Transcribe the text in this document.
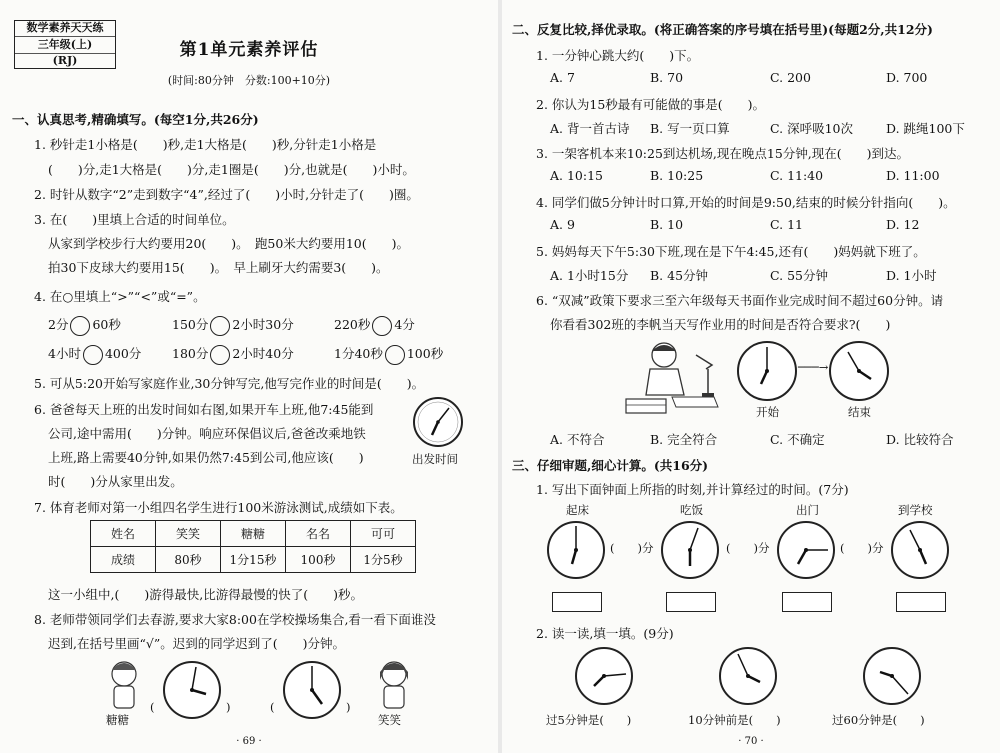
数学素养天天练
三年级(上)
(RJ)
第1单元素养评估
(时间:80分钟　分数:100+10分)
一、认真思考,精确填写。(每空1分,共26分)
1. 秒针走1小格是(　　)秒,走1大格是(　　)秒,分针走1小格是
(　　)分,走1大格是(　　)分,走1圈是(　　)分,也就是(　　)小时。
2. 时针从数字“2”走到数字“4”,经过了(　　)小时,分针走了(　　)圈。
3. 在(　　)里填上合适的时间单位。
从家到学校步行大约要用20(　　)。　跑50米大约要用10(　　)。
拍30下皮球大约要用15(　　)。　早上刷牙大约需要3(　　)。
4. 在○里填上“>”“<”或“=”。
2分 60秒	150分 2小时30分	220秒 4分
4小时 400分 180分 2小时40分	1分40秒 100秒
5. 可从5:20开始写家庭作业,30分钟写完,他写完作业的时间是(　　)。
6. 爸爸每天上班的出发时间如右图,如果开车上班,他7:45能到
公司,途中需用(　　)分钟。响应环保倡议后,爸爸改乘地铁
上班,路上需要40分钟,如果仍然7:45到公司,他应该(　　)
时(　　)分从家里出发。
出发时间
7. 体育老师对第一小组四名学生进行100米游泳测试,成绩如下表。
姓名	笑笑	糖糖	名名	可可
成绩	80秒	1分15秒	100秒	1分5秒
这一小组中,(　　)游得最快,比游得最慢的快了(　　)秒。
8. 老师带领同学们去春游,要求大家8:00在学校操场集合,看一看下面谁没
迟到,在括号里画“√”。迟到的同学迟到了(　　)分钟。
糖糖
(	)	(	)
笑笑
· 69 ·
二、反复比较,择优录取。(将正确答案的序号填在括号里)(每题2分,共12分)
1. 一分钟心跳大约(　　)下。
A. 7	B. 70	C. 200	D. 700
2. 你认为15秒最有可能做的事是(　　)。
A. 背一首古诗 B. 写一页口算	C. 深呼吸10次	D. 跳绳100下
3. 一架客机本来10:25到达机场,现在晚点15分钟,现在(　　)到达。
A. 10:15	B. 10:25	C. 11:40	D. 11:00
4. 同学们做5分钟计时口算,开始的时间是9:50,结束的时候分针指向(　　)。
A. 9	B. 10	C. 11	D. 12
5. 妈妈每天下午5:30下班,现在是下午4:45,还有(　　)妈妈就下班了。
A. 1小时15分 B. 45分钟	C. 55分钟	D. 1小时
6. “双减”政策下要求三至六年级每天书面作业完成时间不超过60分钟。请
你看看302班的李帆当天写作业用的时间是否符合要求?(　　)
───→
开始	结束
A. 不符合	B. 完全符合	C. 不确定	D. 比较符合
三、仔细审题,细心计算。(共16分)
1. 写出下面钟面上所指的时刻,并计算经过的时间。(7分)
起床	吃饭	出门	到学校
(　　)分	(　　)分	(　　)分
2. 读一读,填一填。(9分)
过5分钟是(　　)	10分钟前是(　　)	过60分钟是(　　)
· 70 ·
